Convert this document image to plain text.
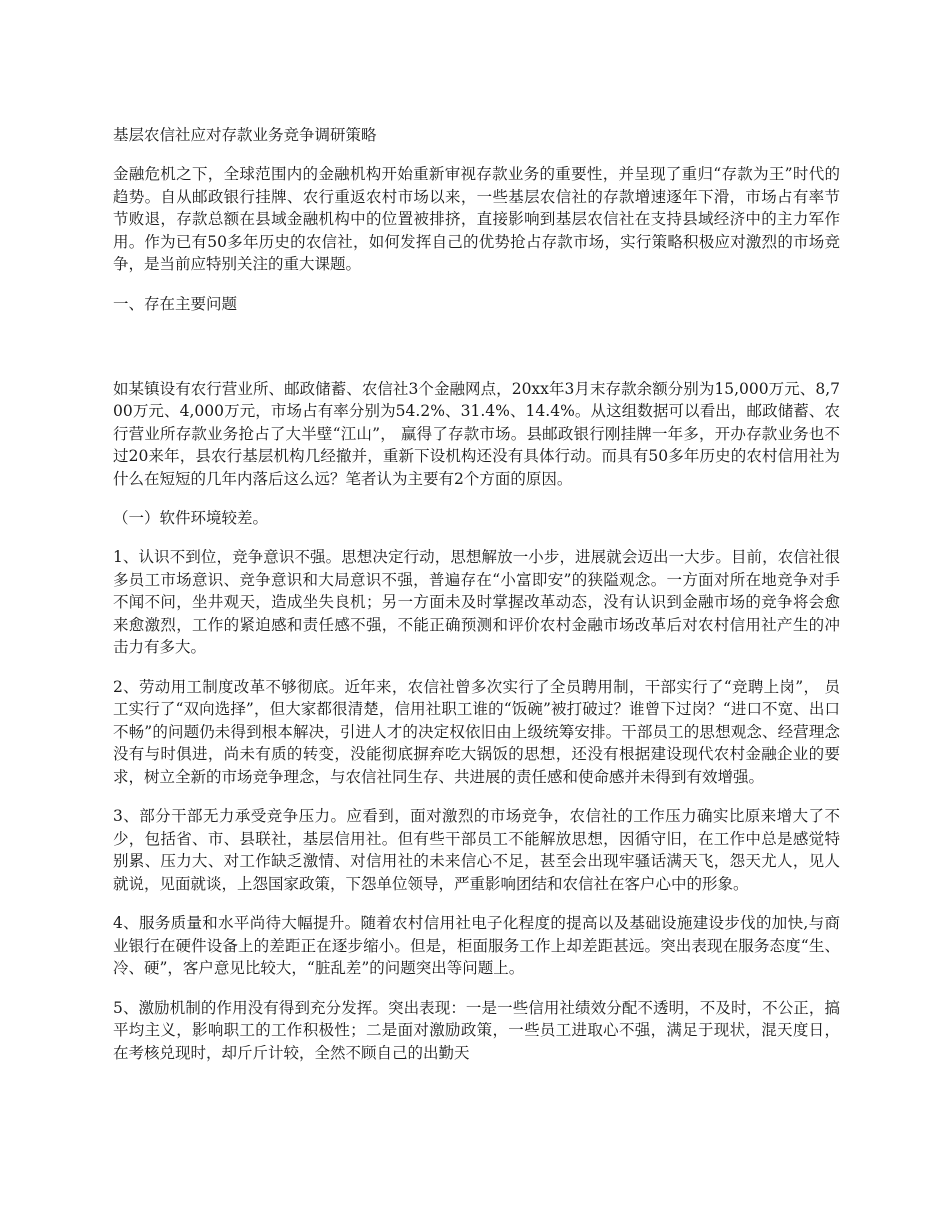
基层农信社应对存款业务竞争调研策略

金融危机之下，全球范围内的金融机构开始重新审视存款业务的重要性，并呈现了重归“存款为王”时代的趋势。自从邮政银行挂牌、农行重返农村市场以来，一些基层农信社的存款增速逐年下滑，市场占有率节节败退，存款总额在县域金融机构中的位置被排挤，直接影响到基层农信社在支持县域经济中的主力军作用。作为已有50多年历史的农信社，如何发挥自己的优势抢占存款市场，实行策略积极应对激烈的市场竞争，是当前应特别关注的重大课题。

一、存在主要问题

如某镇设有农行营业所、邮政储蓄、农信社3个金融网点，20xx年3月末存款余额分别为15,000万元、8,700万元、4,000万元，市场占有率分别为54.2%、31.4%、14.4%。从这组数据可以看出，邮政储蓄、农行营业所存款业务抢占了大半壁“江山”， 赢得了存款市场。县邮政银行刚挂牌一年多，开办存款业务也不过20来年，县农行基层机构几经撤并，重新下设机构还没有具体行动。而具有50多年历史的农村信用社为什么在短短的几年内落后这么远？笔者认为主要有2个方面的原因。

（一）软件环境较差。

1、认识不到位，竞争意识不强。思想决定行动，思想解放一小步，进展就会迈出一大步。目前，农信社很多员工市场意识、竞争意识和大局意识不强，普遍存在“小富即安”的狭隘观念。一方面对所在地竞争对手不闻不问，坐井观天，造成坐失良机；另一方面未及时掌握改革动态，没有认识到金融市场的竞争将会愈来愈激烈，工作的紧迫感和责任感不强，不能正确预测和评价农村金融市场改革后对农村信用社产生的冲击力有多大。

2、劳动用工制度改革不够彻底。近年来，农信社曾多次实行了全员聘用制，干部实行了“竞聘上岗”， 员工实行了“双向选择”，但大家都很清楚，信用社职工谁的“饭碗”被打破过？谁曾下过岗？“进口不宽、出口不畅”的问题仍未得到根本解决，引进人才的决定权依旧由上级统筹安排。干部员工的思想观念、经营理念没有与时俱进，尚未有质的转变，没能彻底摒弃吃大锅饭的思想，还没有根据建设现代农村金融企业的要求，树立全新的市场竞争理念，与农信社同生存、共进展的责任感和使命感并未得到有效增强。

3、部分干部无力承受竞争压力。应看到，面对激烈的市场竞争，农信社的工作压力确实比原来增大了不少，包括省、市、县联社，基层信用社。但有些干部员工不能解放思想，因循守旧，在工作中总是感觉特别累、压力大、对工作缺乏激情、对信用社的未来信心不足，甚至会出现牢骚话满天飞，怨天尤人，见人就说，见面就谈，上怨国家政策，下怨单位领导，严重影响团结和农信社在客户心中的形象。

4、服务质量和水平尚待大幅提升。随着农村信用社电子化程度的提高以及基础设施建设步伐的加快,与商业银行在硬件设备上的差距正在逐步缩小。但是，柜面服务工作上却差距甚远。突出表现在服务态度“生、冷、硬”，客户意见比较大，“脏乱差”的问题突出等问题上。

5、激励机制的作用没有得到充分发挥。突出表现：一是一些信用社绩效分配不透明，不及时，不公正，搞平均主义，影响职工的工作积极性；二是面对激励政策，一些员工进取心不强，满足于现状，混天度日，在考核兑现时，却斤斤计较，全然不顾自己的出勤天
